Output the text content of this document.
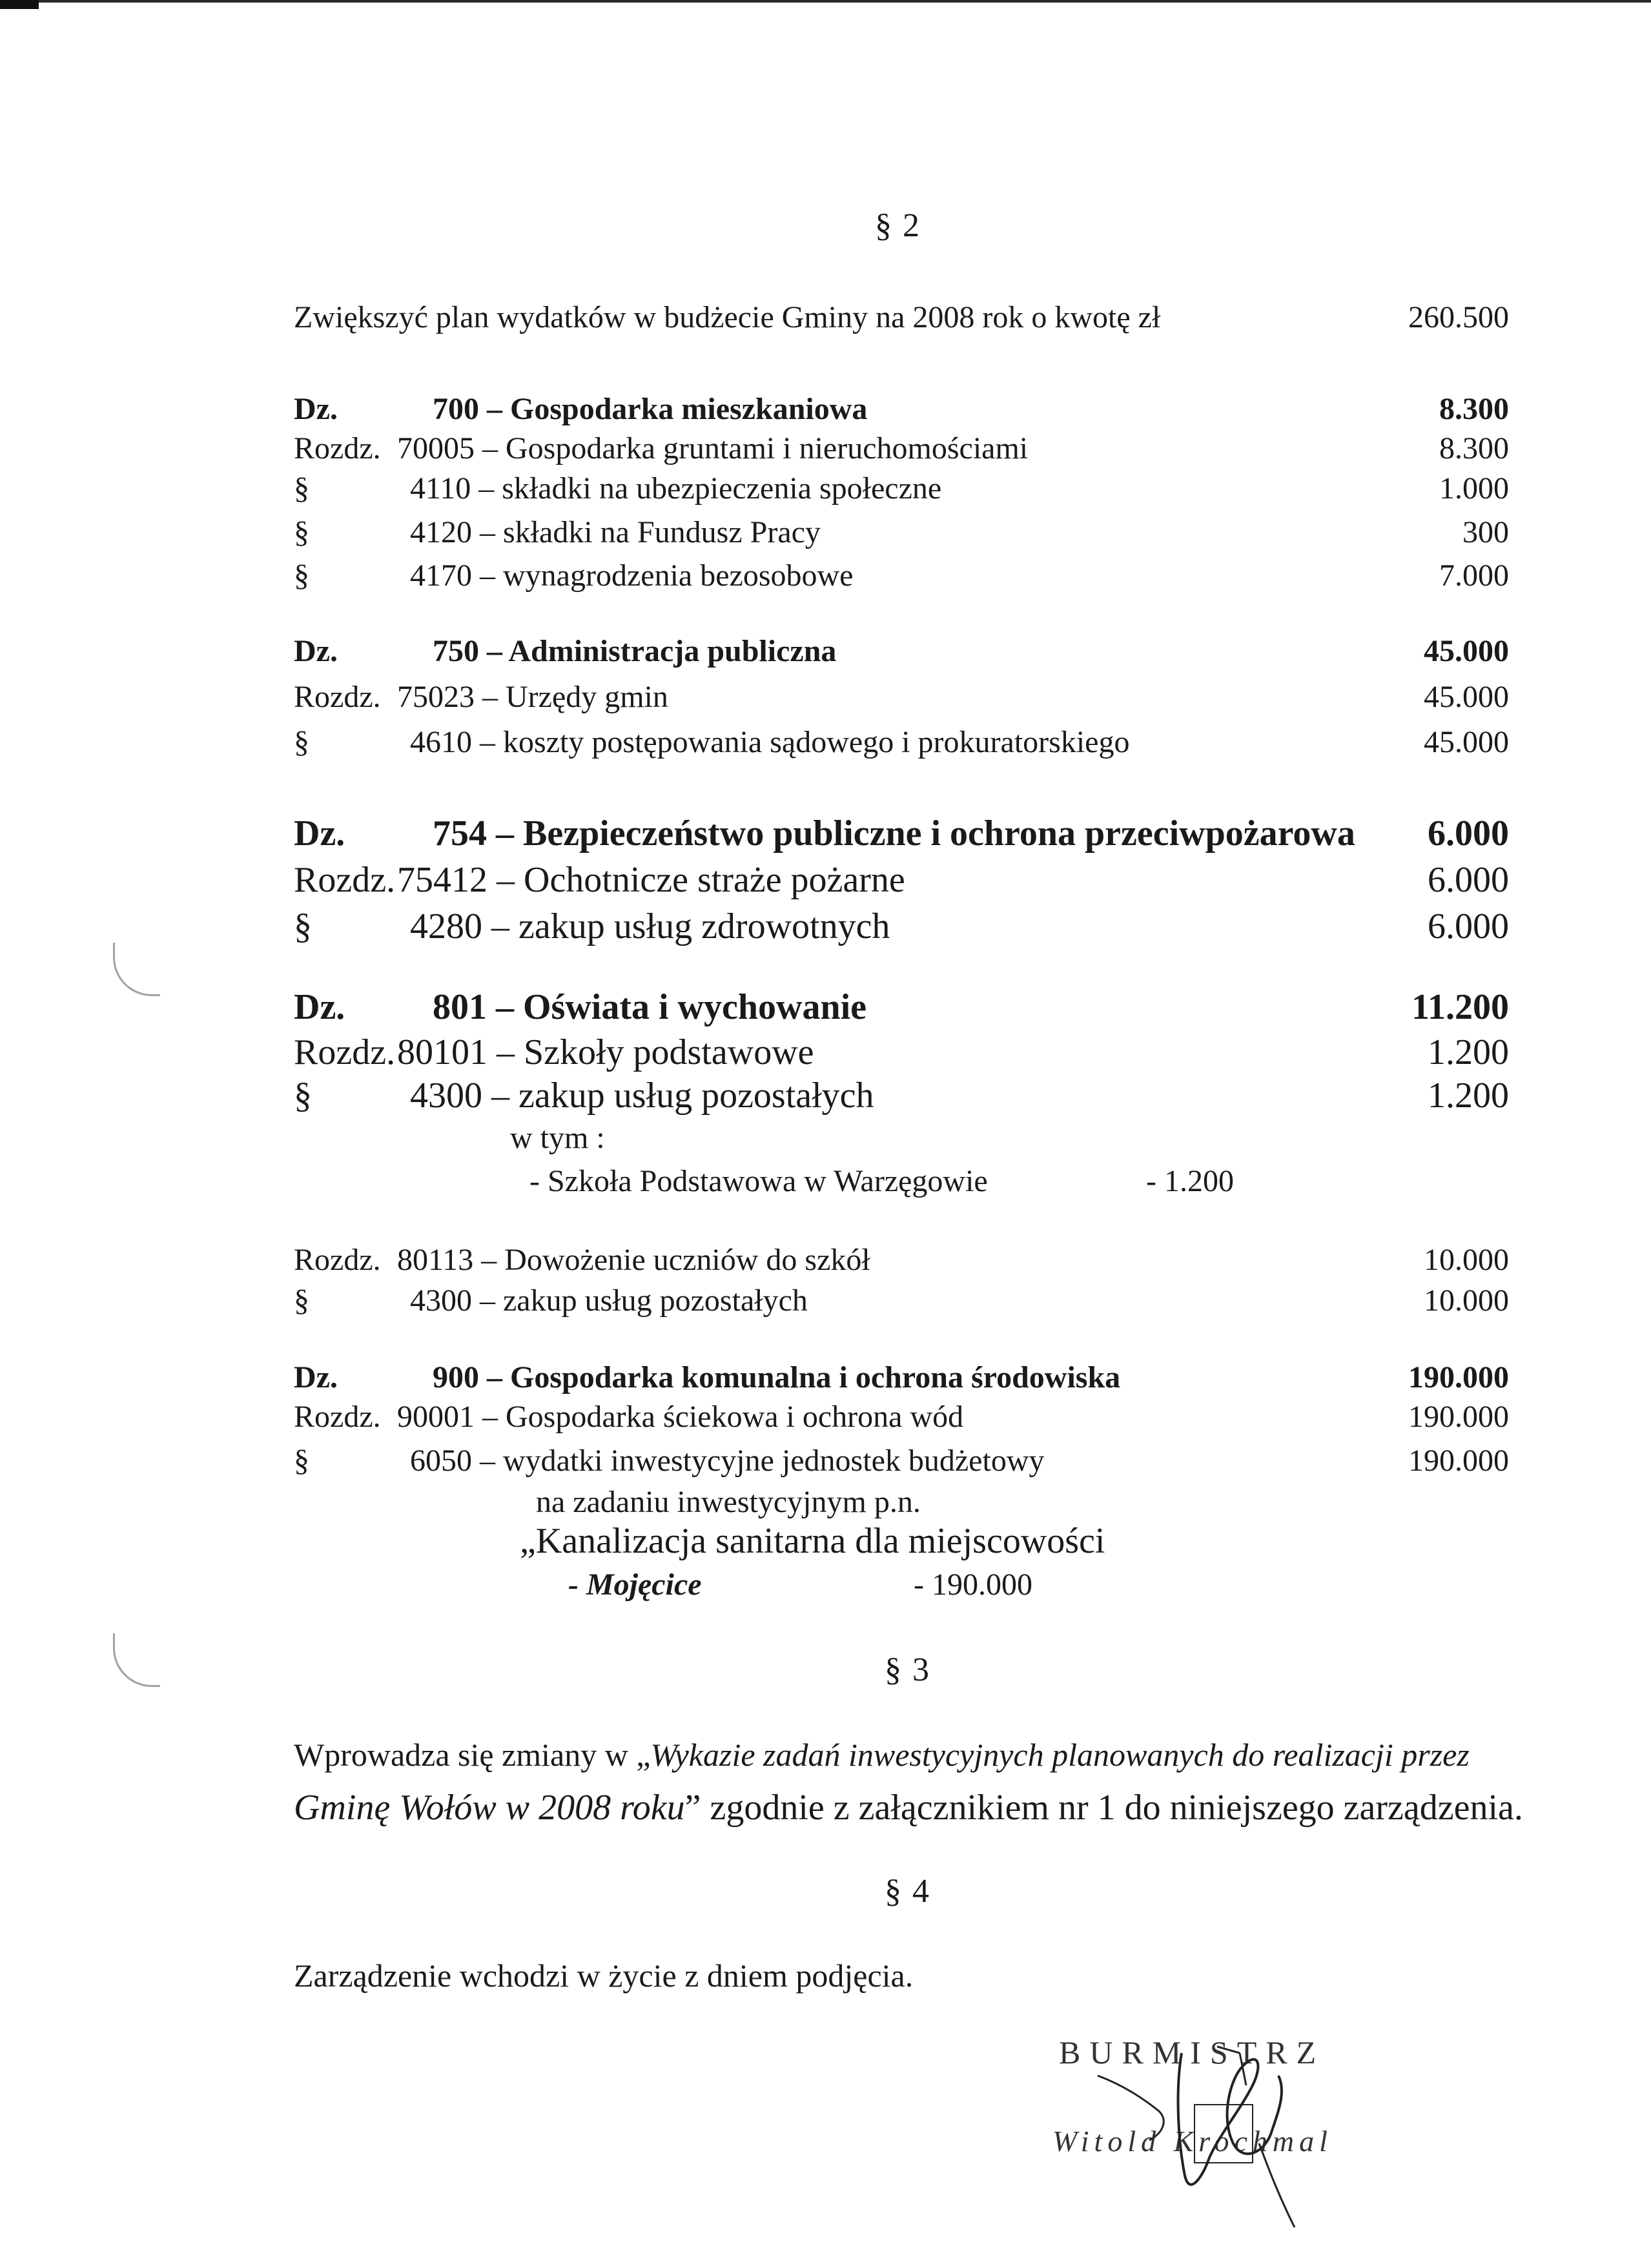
§ 2
Zwiększyć plan wydatków w budżecie Gminy na 2008 rok o kwotę zł	260.500
Dz.	700 – Gospodarka mieszkaniowa	8.300
Rozdz. 70005 – Gospodarka gruntami i nieruchomościami	8.300
§	4110 – składki na ubezpieczenia społeczne	1.000
§	4120 – składki na Fundusz Pracy	300
§	4170 – wynagrodzenia bezosobowe	7.000
Dz.	750 – Administracja publiczna	45.000
Rozdz. 75023 – Urzędy gmin	45.000
§	4610 – koszty postępowania sądowego i prokuratorskiego	45.000
Dz. 754 – Bezpieczeństwo publiczne i ochrona przeciwpożarowa	6.000
Rozdz. 75412 – Ochotnicze straże pożarne	6.000
§	4280 – zakup usług zdrowotnych	6.000
Dz. 801 – Oświata i wychowanie	11.200
Rozdz. 80101 – Szkoły podstawowe	1.200
§	4300 – zakup usług pozostałych	1.200
w tym :
- Szkoła Podstawowa w Warzęgowie	- 1.200
Rozdz. 80113 – Dowożenie uczniów do szkół	10.000
§	4300 – zakup usług pozostałych	10.000
Dz.	900 – Gospodarka komunalna i ochrona środowiska	190.000
Rozdz. 90001 – Gospodarka ściekowa i ochrona wód	190.000
§	6050 – wydatki inwestycyjne jednostek budżetowy	190.000
na zadaniu inwestycyjnym p.n.
„Kanalizacja sanitarna dla miejscowości
- Mojęcice	- 190.000
§ 3
Wprowadza się zmiany w „Wykazie zadań inwestycyjnych planowanych do realizacji przez
Gminę Wołów w 2008 roku” zgodnie z załącznikiem nr 1 do niniejszego zarządzenia.
§ 4
Zarządzenie wchodzi w życie z dniem podjęcia.
BURMISTRZ
Witold Krochmal
